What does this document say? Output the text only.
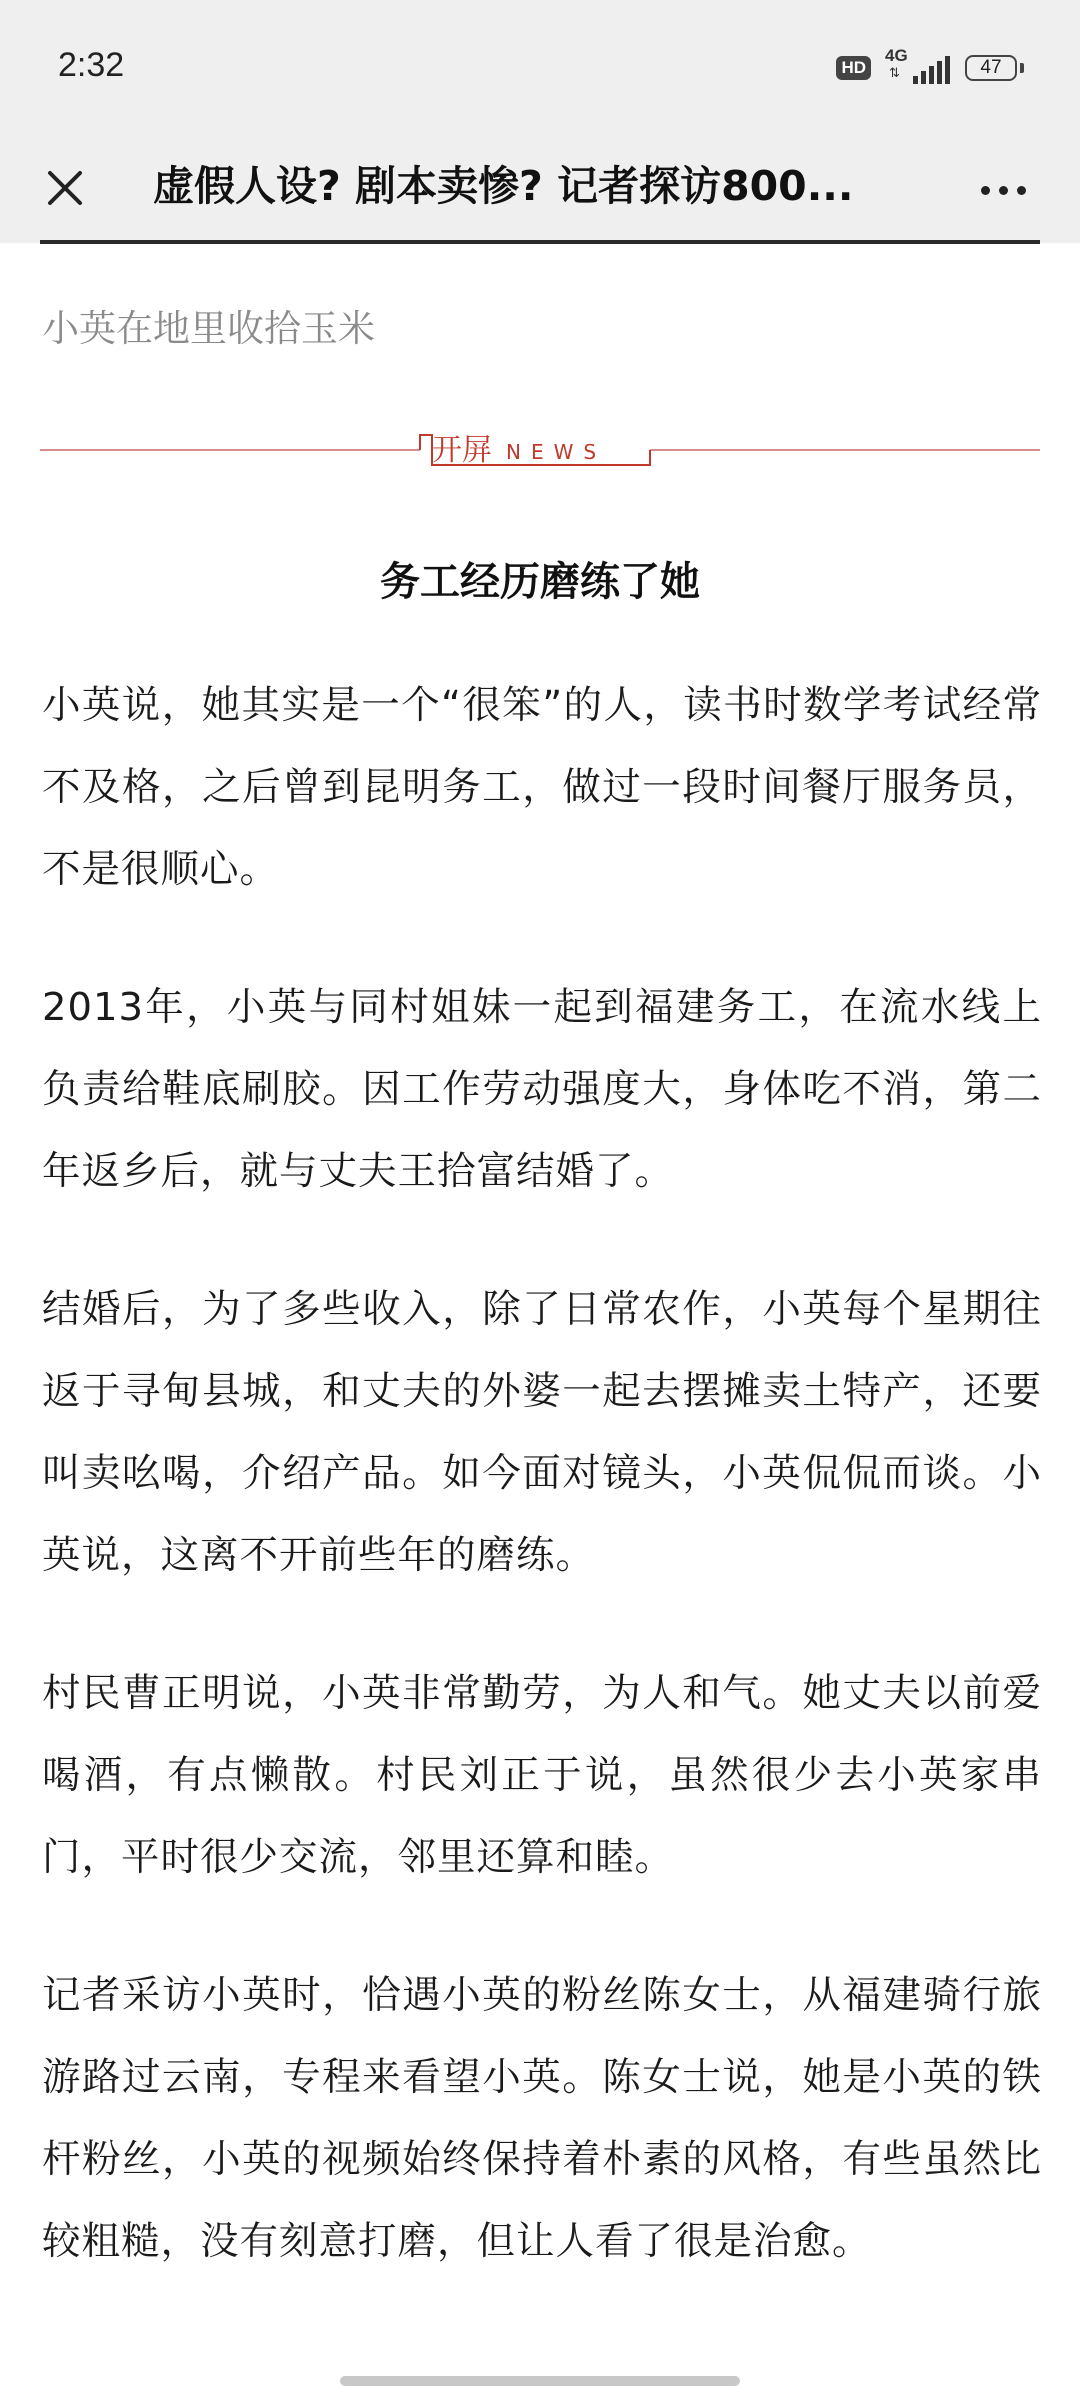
2:32	HD
4G
⇅	47
虚假人设? 剧本卖惨? 记者探访800...
小英在地里收拾玉米
开屏 NEWS
务工经历磨练了她

小英说，她其实是一个“很笨”的人，读书时数学考试经常不及格，之后曾到昆明务工，做过一段时间餐厅服务员，不是很顺心。

2013年，小英与同村姐妹一起到福建务工，在流水线上负责给鞋底刷胶。因工作劳动强度大，身体吃不消，第二年返乡后，就与丈夫王拾富结婚了。

结婚后，为了多些收入，除了日常农作，小英每个星期往返于寻甸县城，和丈夫的外婆一起去摆摊卖土特产，还要叫卖吆喝，介绍产品。如今面对镜头，小英侃侃而谈。小英说，这离不开前些年的磨练。

村民曹正明说，小英非常勤劳，为人和气。她丈夫以前爱喝酒，有点懒散。村民刘正于说，虽然很少去小英家串门，平时很少交流，邻里还算和睦。

记者采访小英时，恰遇小英的粉丝陈女士，从福建骑行旅游路过云南，专程来看望小英。陈女士说，她是小英的铁杆粉丝，小英的视频始终保持着朴素的风格，有些虽然比较粗糙，没有刻意打磨，但让人看了很是治愈。
